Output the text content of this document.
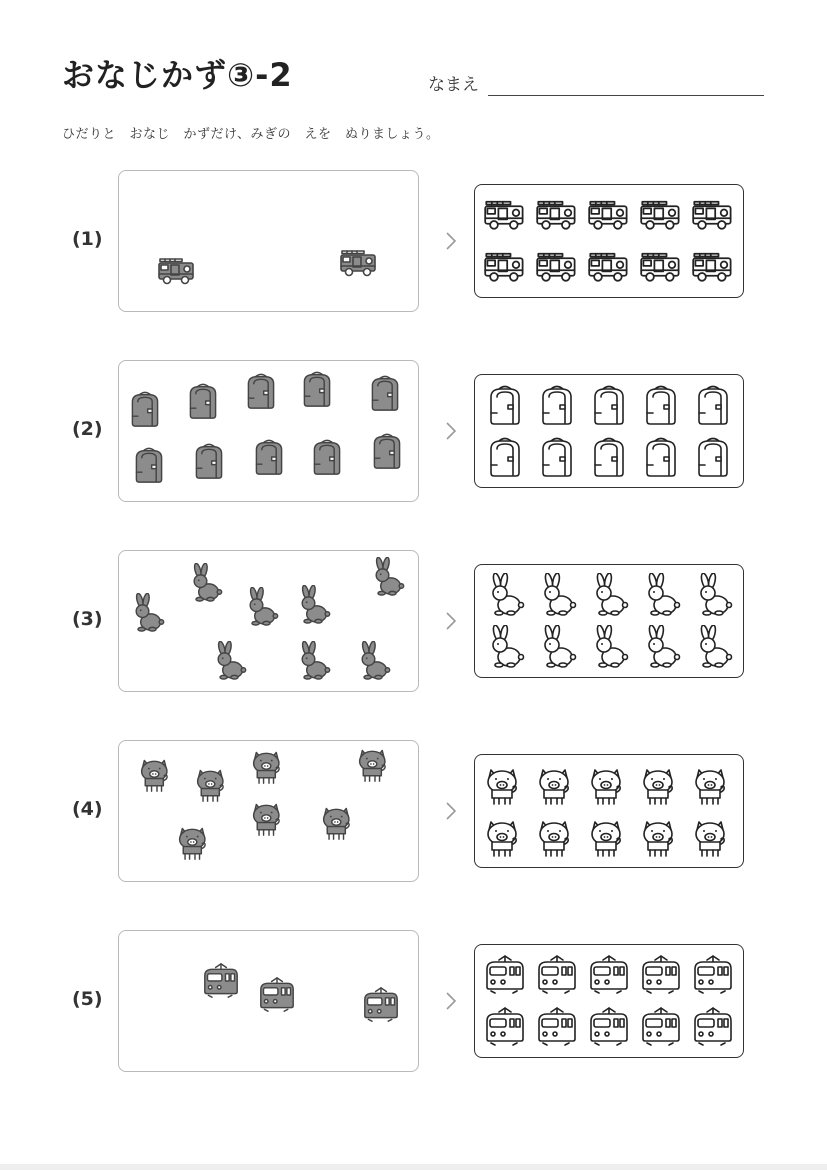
おなじかず③-2	なまえ
ひだりと　おなじ　かずだけ、みぎの　えを　ぬりましょう。
(1)
(2)
(3)
(4)
(5)
